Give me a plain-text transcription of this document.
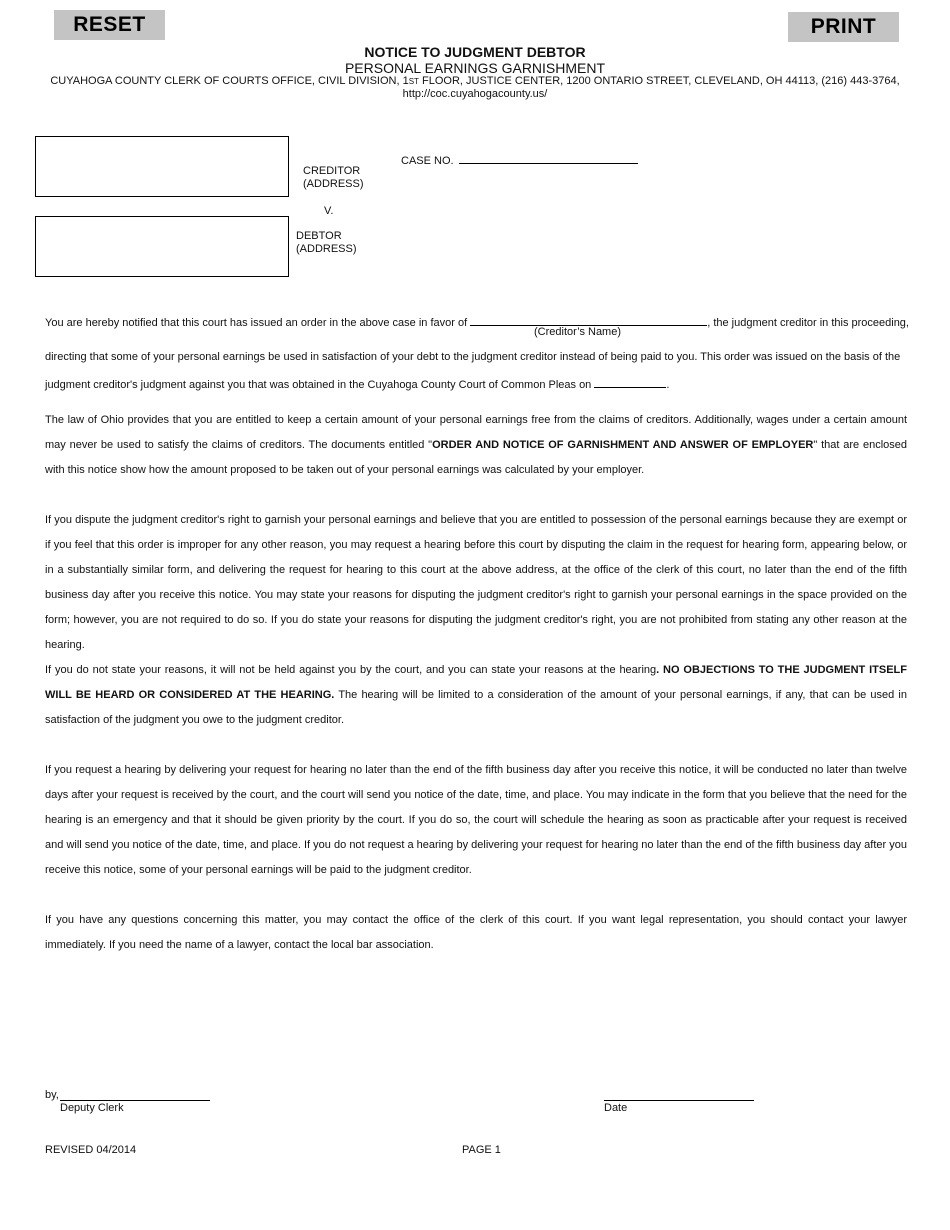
RESET	PRINT
NOTICE TO JUDGMENT DEBTOR
PERSONAL EARNINGS GARNISHMENT
CUYAHOGA COUNTY CLERK OF COURTS OFFICE, CIVIL DIVISION, 1ST FLOOR, JUSTICE CENTER, 1200 ONTARIO STREET, CLEVELAND, OH 44113, (216) 443-3764,
http://coc.cuyahogacounty.us/
CREDITOR
(ADDRESS)
V.
DEBTOR
(ADDRESS)
CASE NO.
You are hereby notified that this court has issued an order in the above case in favor of	, the judgment creditor in this proceeding,
(Creditor’s Name)
directing that some of your personal earnings be used in satisfaction of your debt to the judgment creditor instead of being paid to you. This order was issued on the basis of the
judgment creditor's judgment against you that was obtained in the Cuyahoga County Court of Common Pleas on	.
The law of Ohio provides that you are entitled to keep a certain amount of your personal earnings free from the claims of creditors. Additionally, wages under a certain amount may never be used to satisfy the claims of creditors. The documents entitled "ORDER AND NOTICE OF GARNISHMENT AND ANSWER OF EMPLOYER" that are enclosed with this notice show how the amount proposed to be taken out of your personal earnings was calculated by your employer.
If you dispute the judgment creditor's right to garnish your personal earnings and believe that you are entitled to possession of the personal earnings because they are exempt or if you feel that this order is improper for any other reason, you may request a hearing before this court by disputing the claim in the request for hearing form, appearing below, or in a substantially similar form, and delivering the request for hearing to this court at the above address, at the office of the clerk of this court, no later than the end of the fifth business day after you receive this notice. You may state your reasons for disputing the judgment creditor's right to garnish your personal earnings in the space provided on the form; however, you are not required to do so. If you do state your reasons for disputing the judgment creditor's right, you are not prohibited from stating any other reason at the hearing.
If you do not state your reasons, it will not be held against you by the court, and you can state your reasons at the hearing. NO OBJECTIONS TO THE JUDGMENT ITSELF WILL BE HEARD OR CONSIDERED AT THE HEARING. The hearing will be limited to a consideration of the amount of your personal earnings, if any, that can be used in satisfaction of the judgment you owe to the judgment creditor.
If you request a hearing by delivering your request for hearing no later than the end of the fifth business day after you receive this notice, it will be conducted no later than twelve days after your request is received by the court, and the court will send you notice of the date, time, and place. You may indicate in the form that you believe that the need for the hearing is an emergency and that it should be given priority by the court. If you do so, the court will schedule the hearing as soon as practicable after your request is received and will send you notice of the date, time, and place. If you do not request a hearing by delivering your request for hearing no later than the end of the fifth business day after you receive this notice, some of your personal earnings will be paid to the judgment creditor.
If you have any questions concerning this matter, you may contact the office of the clerk of this court. If you want legal representation, you should contact your lawyer immediately. If you need the name of a lawyer, contact the local bar association.
by,
Deputy Clerk	Date
REVISED 04/2014	PAGE 1
